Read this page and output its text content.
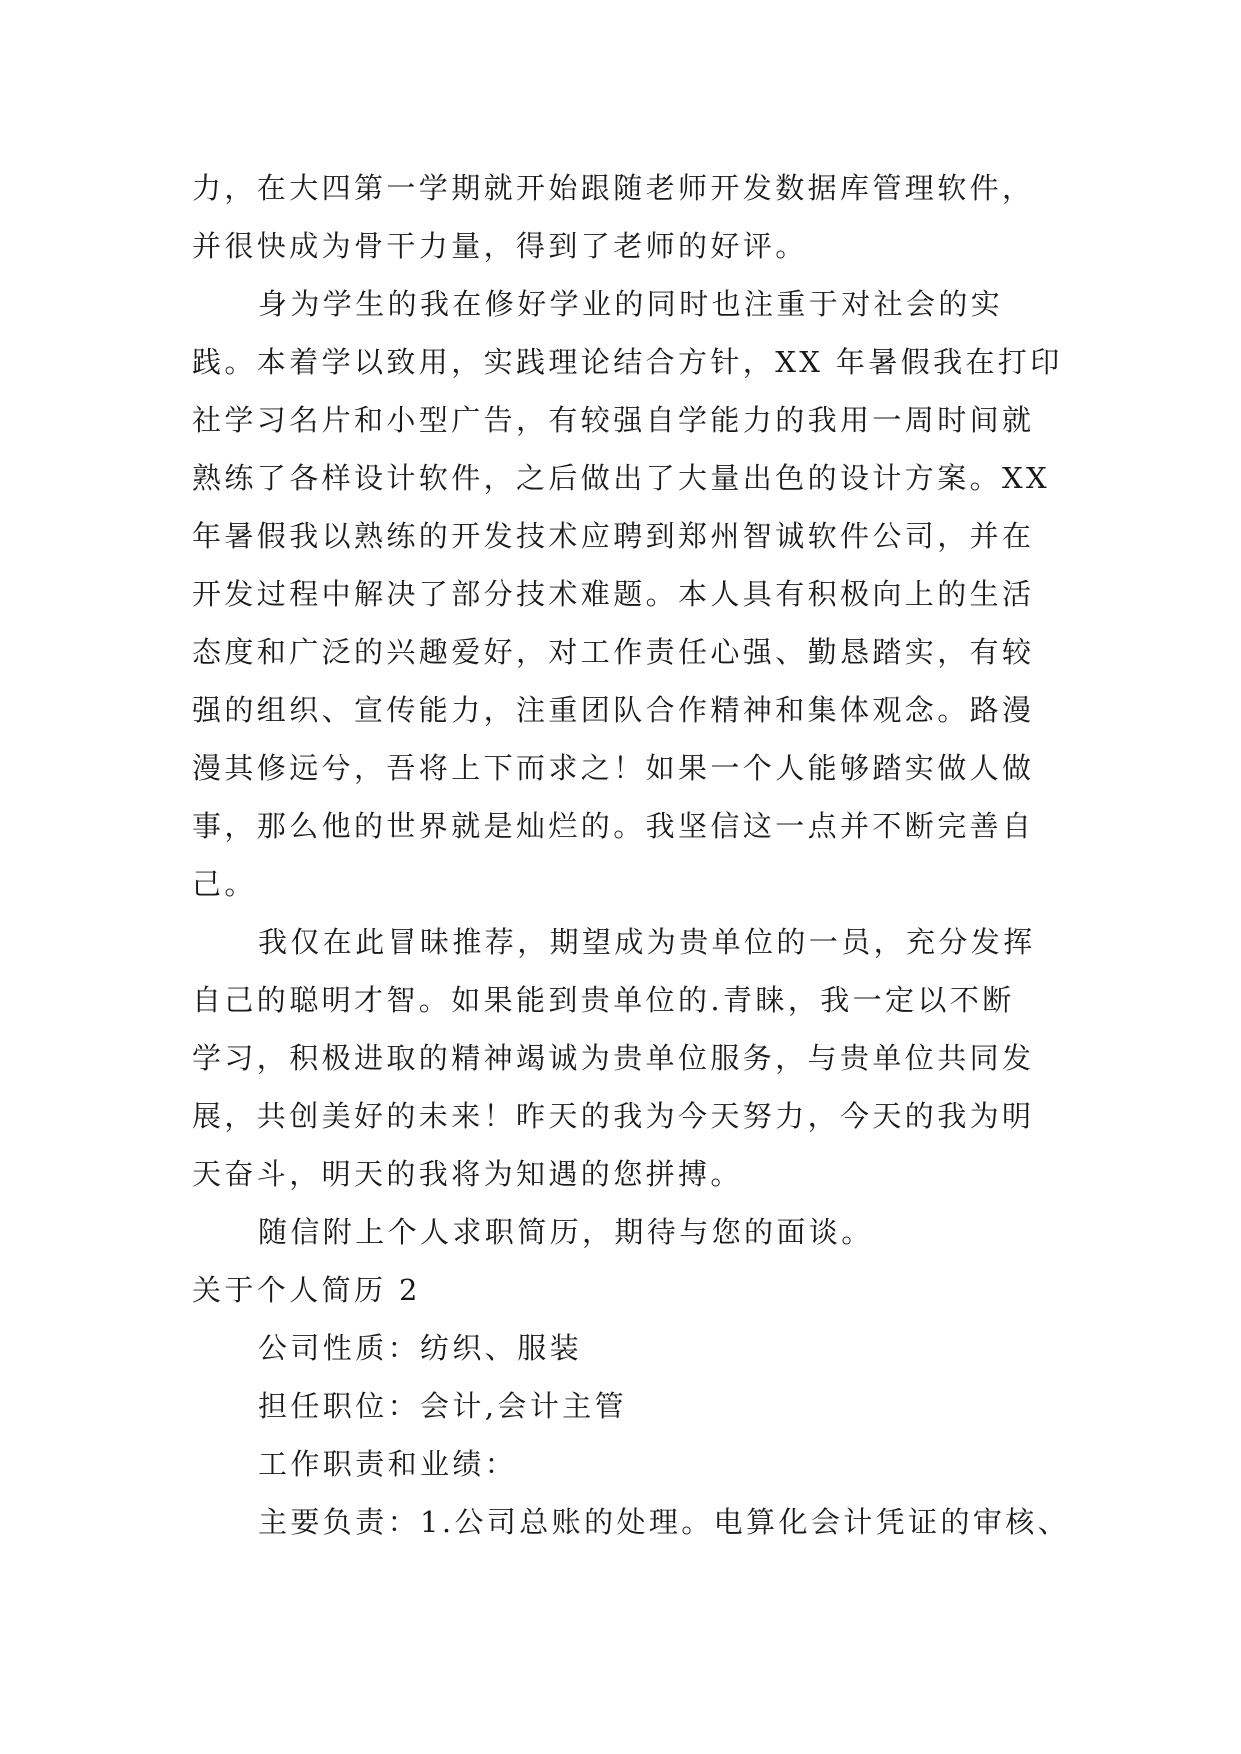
力，在大四第一学期就开始跟随老师开发数据库管理软件，
并很快成为骨干力量，得到了老师的好评。
身为学生的我在修好学业的同时也注重于对社会的实
践。本着学以致用，实践理论结合方针，XX 年暑假我在打印
社学习名片和小型广告，有较强自学能力的我用一周时间就
熟练了各样设计软件，之后做出了大量出色的设计方案。XX
年暑假我以熟练的开发技术应聘到郑州智诚软件公司，并在
开发过程中解决了部分技术难题。本人具有积极向上的生活
态度和广泛的兴趣爱好，对工作责任心强、勤恳踏实，有较
强的组织、宣传能力，注重团队合作精神和集体观念。路漫
漫其修远兮，吾将上下而求之！如果一个人能够踏实做人做
事，那么他的世界就是灿烂的。我坚信这一点并不断完善自
己。
我仅在此冒昧推荐，期望成为贵单位的一员，充分发挥
自己的聪明才智。如果能到贵单位的.青睐，我一定以不断
学习，积极进取的精神竭诚为贵单位服务，与贵单位共同发
展，共创美好的未来！昨天的我为今天努力，今天的我为明
天奋斗，明天的我将为知遇的您拼搏。
随信附上个人求职简历，期待与您的面谈。
关于个人简历 2
公司性质：纺织、服装
担任职位：会计,会计主管
工作职责和业绩：
主要负责：1.公司总账的处理。电算化会计凭证的审核、
